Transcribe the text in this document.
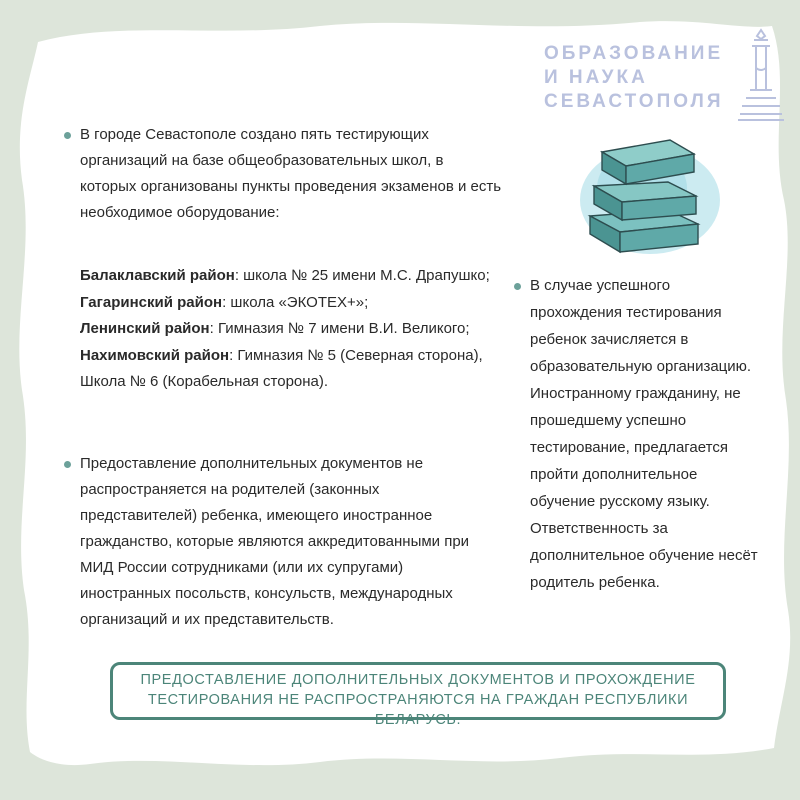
ОБРАЗОВАНИЕ
И НАУКА
СЕВАСТОПОЛЯ
В городе Севастополе создано пять тестирующих организаций на базе общеобразовательных школ, в которых организованы пункты проведения экзаменов и есть необходимое оборудование:
Балаклавский район: школа № 25 имени М.С. Драпушко;
Гагаринский район: школа «ЭКОТЕХ+»;
Ленинский район: Гимназия № 7 имени В.И. Великого;
Нахимовский район: Гимназия № 5 (Северная сторона),
Школа № 6 (Корабельная сторона).
Предоставление дополнительных документов не распространяется на родителей (законных представителей) ребенка, имеющего иностранное гражданство, которые являются аккредитованными при МИД России сотрудниками (или их супругами) иностранных посольств, консульств, международных организаций и их представительств.
В случае успешного прохождения тестирования ребенок зачисляется в образовательную организацию. Иностранному гражданину, не прошедшему успешно тестирование, предлагается пройти дополнительное обучение русскому языку. Ответственность за дополнительное обучение несёт родитель ребенка.
ПРЕДОСТАВЛЕНИЕ ДОПОЛНИТЕЛЬНЫХ ДОКУМЕНТОВ И ПРОХОЖДЕНИЕ ТЕСТИРОВАНИЯ НЕ РАСПРОСТРАНЯЮТСЯ НА ГРАЖДАН РЕСПУБЛИКИ БЕЛАРУСЬ.
